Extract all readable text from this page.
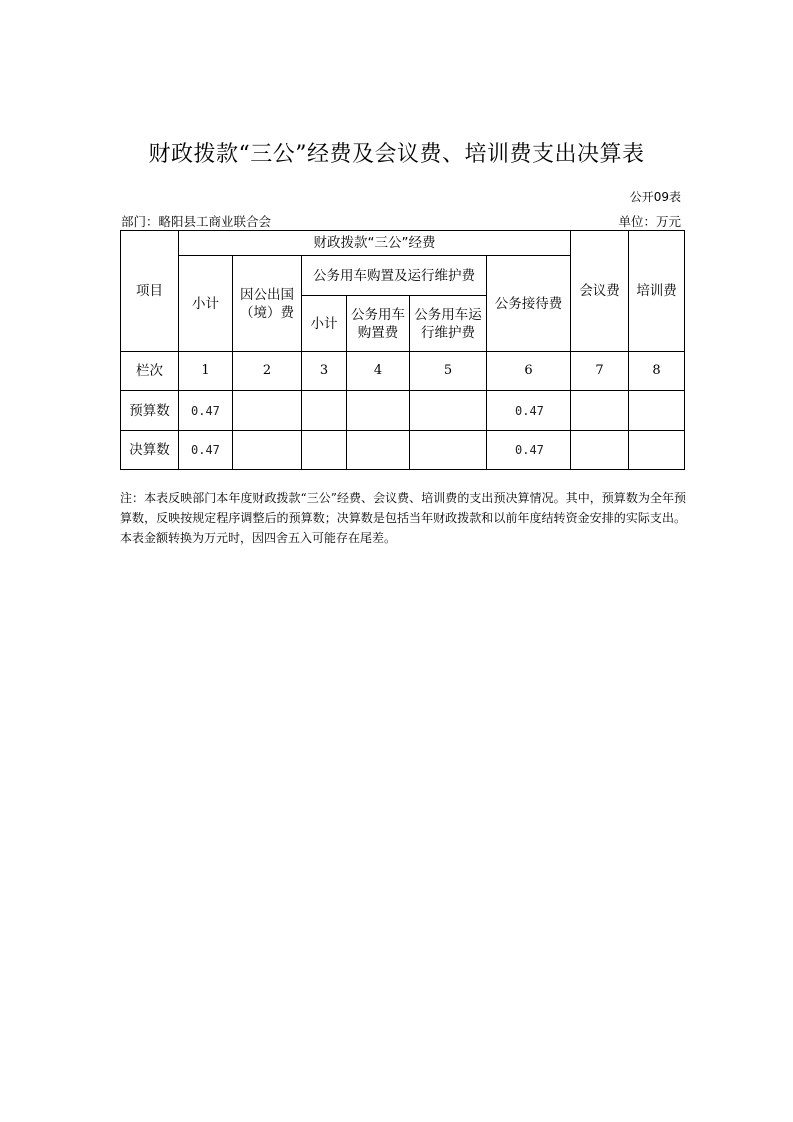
财政拨款“三公”经费及会议费、培训费支出决算表
公开09表
部门：略阳县工商业联合会	单位：万元
项目	财政拨款“三公”经费						会议费	培训费
	小计	因公出国（境）费	公务用车购置及运行维护费			公务接待费		
			小计	公务用车购置费	公务用车运行维护费			
栏次	1	2	3	4	5	6	7	8
预算数	0.47					0.47		
决算数	0.47					0.47		
注：本表反映部门本年度财政拨款“三公”经费、会议费、培训费的支出预决算情况。其中，预算数为全年预算数，反映按规定程序调整后的预算数；决算数是包括当年财政拨款和以前年度结转资金安排的实际支出。本表金额转换为万元时，因四舍五入可能存在尾差。
